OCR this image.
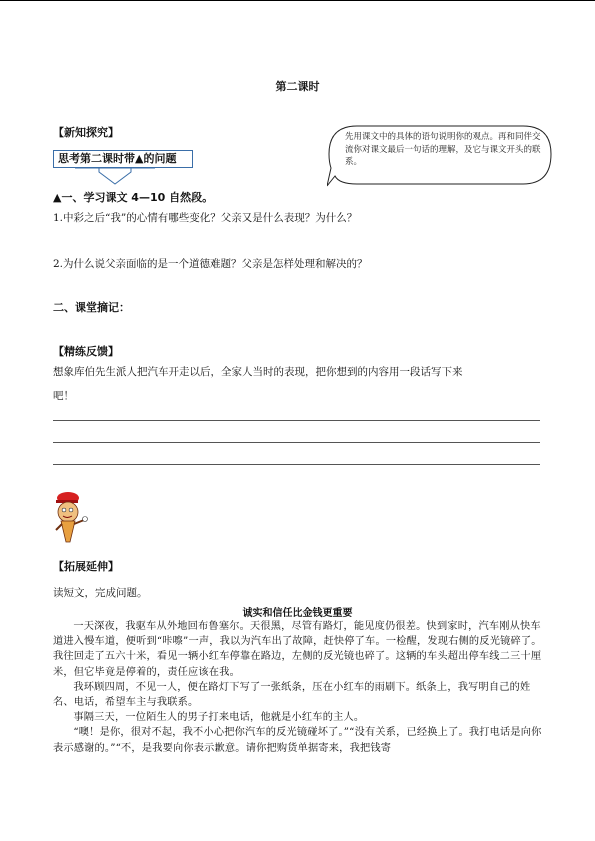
第二课时
【新知探究】
思考第二课时带▲的问题
先用课文中的具体的语句说明你的观点。再和同伴交流你对课文最后一句话的理解，及它与课文开头的联系。
▲一、学习课文 4—10 自然段。
1.中彩之后“我”的心情有哪些变化？父亲又是什么表现？为什么？
2.为什么说父亲面临的是一个道德难题？父亲是怎样处理和解决的？
二、课堂摘记：
【精练反馈】
想象库伯先生派人把汽车开走以后，全家人当时的表现，把你想到的内容用一段话写下来
吧！
【拓展延伸】
读短文，完成问题。
诚实和信任比金钱更重要

一天深夜，我驱车从外地回布鲁塞尔。天很黑，尽管有路灯，能见度仍很差。快到家时，汽车刚从快车道进入慢车道，便听到“咔嚓”一声，我以为汽车出了故障，赶快停了车。一检醒，发现右侧的反光镜碎了。我往回走了五六十米，看见一辆小红车停靠在路边，左侧的反光镜也碎了。这辆的车头超出停车线二三十厘米，但它毕竟是停着的，责任应该在我。

我环顾四周，不见一人，便在路灯下写了一张纸条，压在小红车的雨刷下。纸条上，我写明自己的姓名、电话，希望车主与我联系。

事隔三天，一位陌生人的男子打来电话，他就是小红车的主人。

“噢！是你，很对不起，我不小心把你汽车的反光镜碰坏了。”“没有关系，已经换上了。我打电话是向你表示感谢的。”“不，是我要向你表示歉意。请你把购货单据寄来，我把钱寄
